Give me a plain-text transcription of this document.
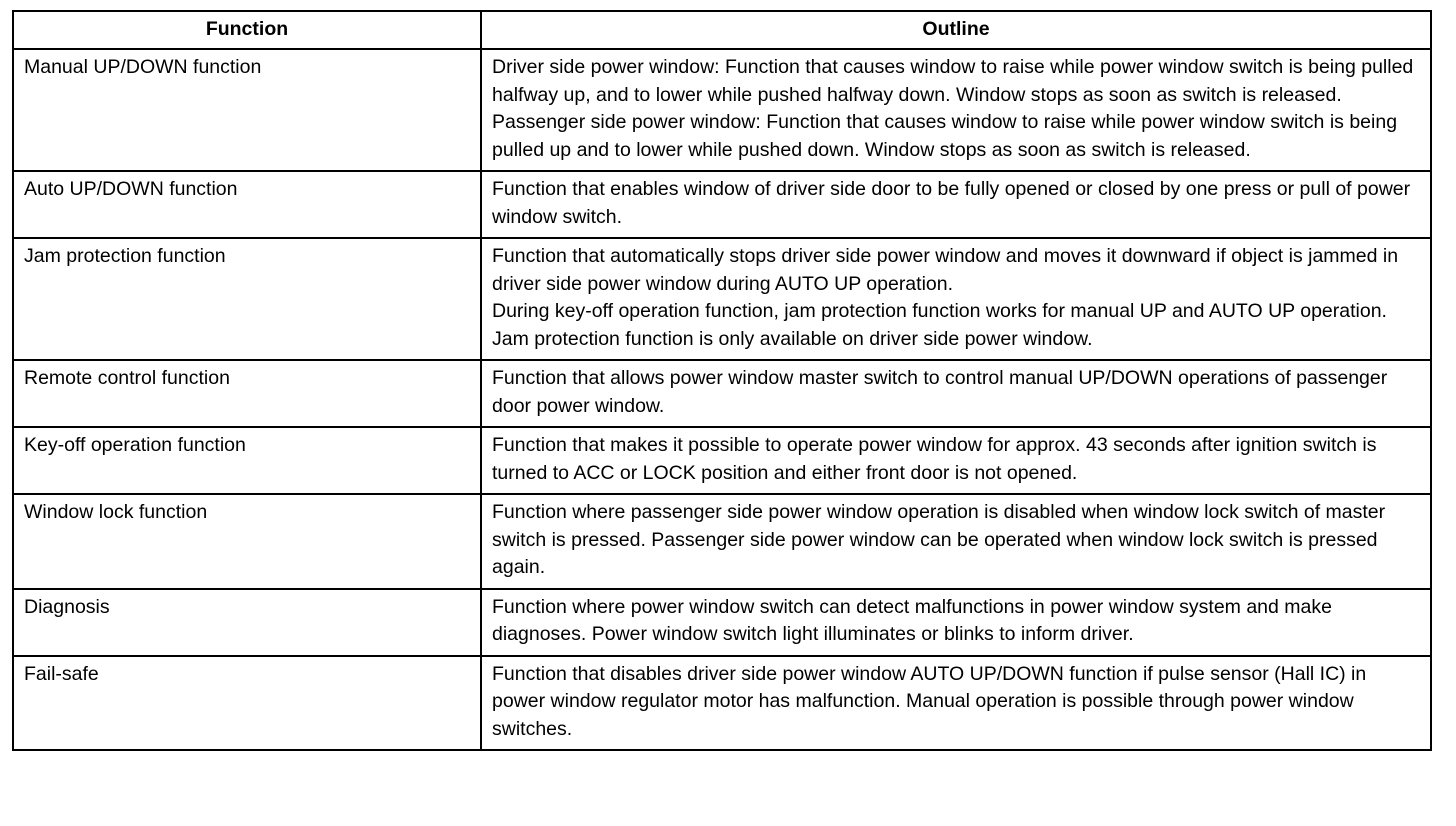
Function	Outline
Manual UP/DOWN function	Driver side power window: Function that causes window to raise while power window switch is being pulled halfway up, and to lower while pushed halfway down. Window stops as soon as switch is released.
Passenger side power window: Function that causes window to raise while power window switch is being pulled up and to lower while pushed down. Window stops as soon as switch is released.

Auto UP/DOWN function	Function that enables window of driver side door to be fully opened or closed by one press or pull of power window switch.

Jam protection function	Function that automatically stops driver side power window and moves it downward if object is jammed in driver side power window during AUTO UP operation.
During key-off operation function, jam protection function works for manual UP and AUTO UP operation. Jam protection function is only available on driver side power window.

Remote control function	Function that allows power window master switch to control manual UP/DOWN operations of passenger door power window.

Key-off operation function	Function that makes it possible to operate power window for approx. 43 seconds after ignition switch is turned to ACC or LOCK position and either front door is not opened.

Window lock function	Function where passenger side power window operation is disabled when window lock switch of master switch is pressed. Passenger side power window can be operated when window lock switch is pressed again.

Diagnosis	Function where power window switch can detect malfunctions in power window system and make diagnoses. Power window switch light illuminates or blinks to inform driver.

Fail-safe	Function that disables driver side power window AUTO UP/DOWN function if pulse sensor (Hall IC) in power window regulator motor has malfunction. Manual operation is possible through power window switches.
